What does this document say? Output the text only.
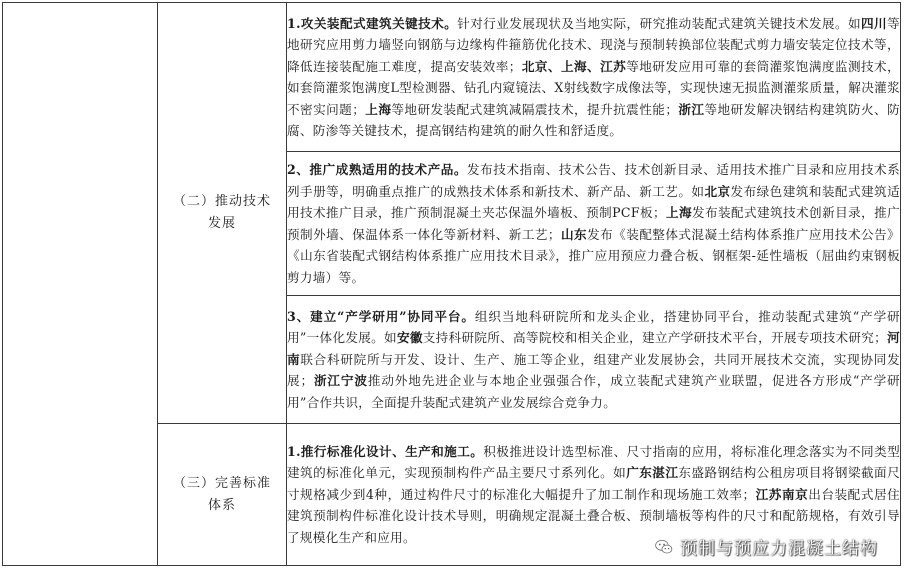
	（二）推动技术
发展	1.攻关装配式建筑关键技术。针对行业发展现状及当地实际，研究推动装配式建筑关键技术发展。如四川等地研究应用剪力墙竖向钢筋与边缘构件箍筋优化技术、现浇与预制转换部位装配式剪力墙安装定位技术等，降低连接装配施工难度，提高安装效率；北京、上海、江苏等地研发应用可靠的套筒灌浆饱满度监测技术，如套筒灌浆饱满度L型检测器、钻孔内窥镜法、X射线数字成像法等，实现快速无损监测灌浆质量，解决灌浆不密实问题；上海等地研发装配式建筑减隔震技术，提升抗震性能；浙江等地研发解决钢结构建筑防火、防腐、防渗等关键技术，提高钢结构建筑的耐久性和舒适度。
		2、推广成熟适用的技术产品。发布技术指南、技术公告、技术创新目录、适用技术推广目录和应用技术系列手册等，明确重点推广的成熟技术体系和新技术、新产品、新工艺。如北京发布绿色建筑和装配式建筑适用技术推广目录，推广预制混凝土夹芯保温外墙板、预制PCF板；上海发布装配式建筑技术创新目录，推广预制外墙、保温体系一体化等新材料、新工艺；山东发布《装配整体式混凝土结构体系推广应用技术公告》《山东省装配式钢结构体系推广应用技术目录》，推广应用预应力叠合板、钢框架-延性墙板（屈曲约束钢板剪力墙）等。
		3、建立“产学研用”协同平台。组织当地科研院所和龙头企业，搭建协同平台，推动装配式建筑“产学研用”一体化发展。如安徽支持科研院所、高等院校和相关企业，建立产学研技术平台，开展专项技术研究；河南联合科研院所与开发、设计、生产、施工等企业，组建产业发展协会，共同开展技术交流，实现协同发展；浙江宁波推动外地先进企业与本地企业强强合作，成立装配式建筑产业联盟，促进各方形成“产学研用”合作共识，全面提升装配式建筑产业发展综合竞争力。

	（三）完善标准
体系	1.推行标准化设计、生产和施工。积极推进设计选型标准、尺寸指南的应用，将标准化理念落实为不同类型建筑的标准化单元，实现预制构件产品主要尺寸系列化。如广东湛江东盛路钢结构公租房项目将钢梁截面尺寸规格减少到4种，通过构件尺寸的标准化大幅提升了加工制作和现场施工效率；江苏南京出台装配式居住建筑预制构件标准化设计技术导则，明确规定混凝土叠合板、预制墙板等构件的尺寸和配筋规格，有效引导了规模化生产和应用。
预制与预应力混凝土结构
